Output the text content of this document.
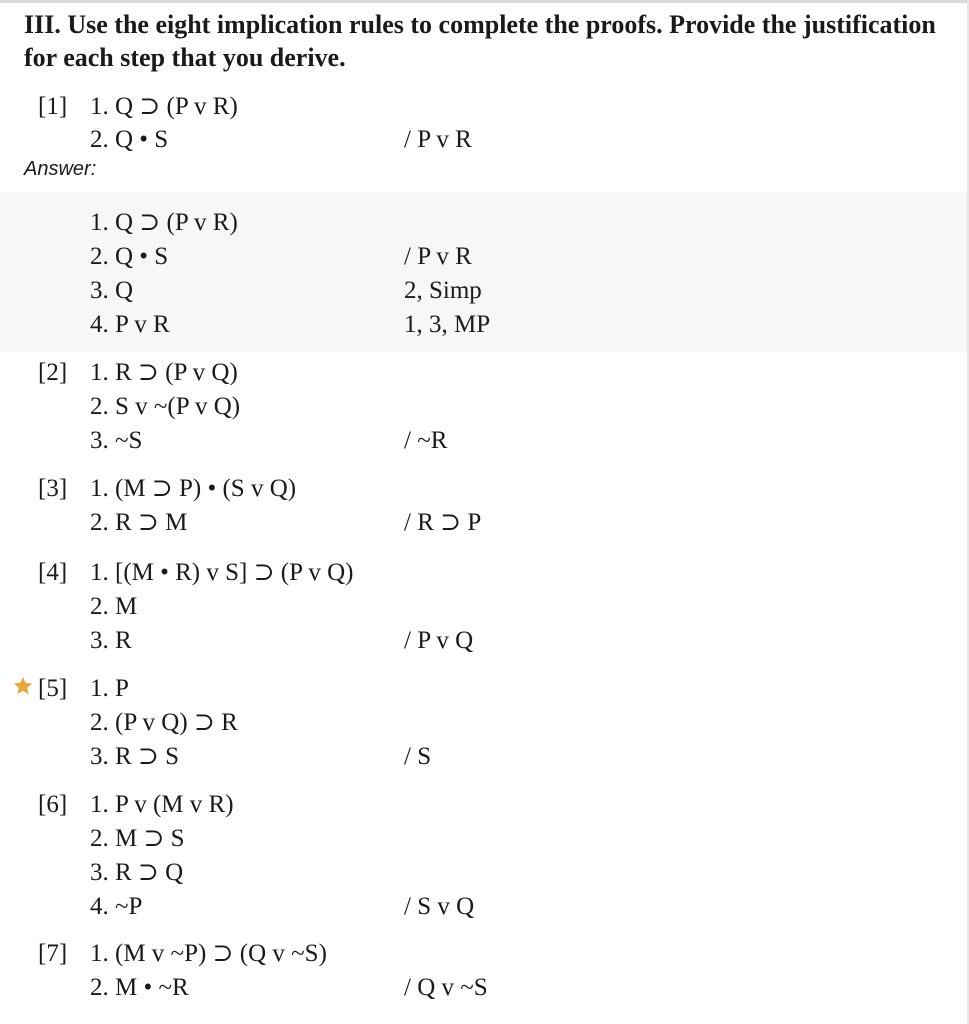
III. Use the eight implication rules to complete the proofs. Provide the justification for each step that you derive.
Answer:
[1] 1. Q ⊃ (P v R)
2. Q • S	/ P v R
1. Q ⊃ (P v R)
2. Q • S	/ P v R
3. Q	2, Simp
4. P v R	1, 3, MP
[2] 1. R ⊃ (P v Q)
2. S v ~(P v Q)
3. ~S	/ ~R
[3] 1. (M ⊃ P) • (S v Q)
2. R ⊃ M	/ R ⊃ P
[4] 1. [(M • R) v S] ⊃ (P v Q)
2. M
3. R	/ P v Q
[5] 1. P
2. (P v Q) ⊃ R
3. R ⊃ S	/ S
[6] 1. P v (M v R)
2. M ⊃ S
3. R ⊃ Q
4. ~P	/ S v Q
[7] 1. (M v ~P) ⊃ (Q v ~S)
2. M • ~R	/ Q v ~S
